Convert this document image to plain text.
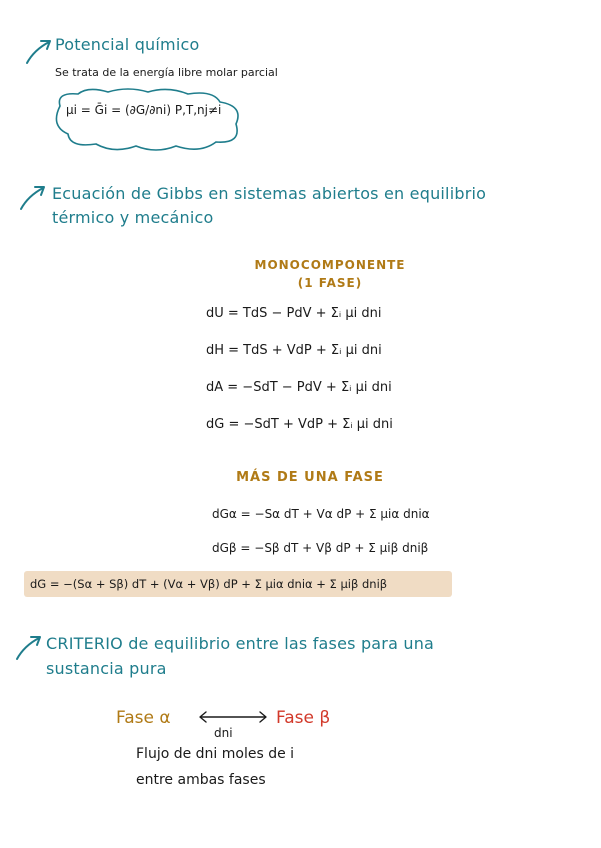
Potencial químico
Se trata de la energía libre molar parcial
μi = Ḡi = (∂G/∂ni) P,T,nj≠i
Ecuación de Gibbs en sistemas abiertos en equilibrio
térmico y mecánico
MONOCOMPONENTE
(1 FASE)
dU = TdS − PdV + Σᵢ μi dni
dH = TdS + VdP + Σᵢ μi dni
dA = −SdT − PdV + Σᵢ μi dni
dG = −SdT + VdP + Σᵢ μi dni
MÁS DE UNA FASE
dGα = −Sα dT + Vα dP + Σ μiα dniα
dGβ = −Sβ dT + Vβ dP + Σ μiβ dniβ
dG = −(Sα + Sβ) dT + (Vα + Vβ) dP + Σ μiα dniα + Σ μiβ dniβ
CRITERIO de equilibrio entre las fases para una
sustancia pura
Fase α
dni
Fase β
Flujo de dni moles de i
entre ambas fases
